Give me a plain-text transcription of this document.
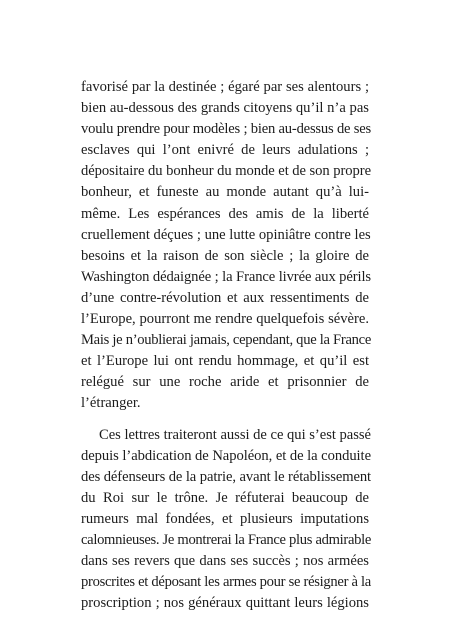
favorisé par la destinée ; égaré par ses alentours ;
bien au-dessous des grands citoyens qu’il n’a pas
voulu prendre pour modèles ; bien au-dessus de ses
esclaves qui l’ont enivré de leurs adulations ;
dépositaire du bonheur du monde et de son propre
bonheur, et funeste au monde autant qu’à lui-
même. Les espérances des amis de la liberté
cruellement déçues ; une lutte opiniâtre contre les
besoins et la raison de son siècle ; la gloire de
Washington dédaignée ; la France livrée aux périls
d’une contre-révolution et aux ressentiments de
l’Europe, pourront me rendre quelquefois sévère.
Mais je n’oublierai jamais, cependant, que la France
et l’Europe lui ont rendu hommage, et qu’il est
relégué sur une roche aride et prisonnier de
l’étranger.
Ces lettres traiteront aussi de ce qui s’est passé
depuis l’abdication de Napoléon, et de la conduite
des défenseurs de la patrie, avant le rétablissement
du Roi sur le trône. Je réfuterai beaucoup de
rumeurs mal fondées, et plusieurs imputations
calomnieuses. Je montrerai la France plus admirable
dans ses revers que dans ses succès ; nos armées
proscrites et déposant les armes pour se résigner à la
proscription ; nos généraux quittant leurs légions
